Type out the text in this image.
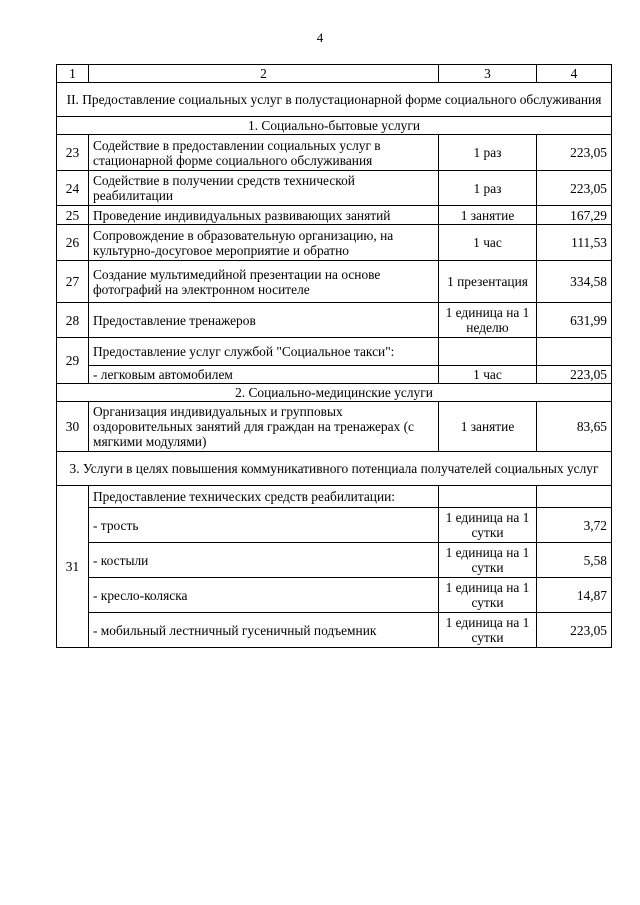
4
1	2	3	4
II. Предоставление социальных услуг в полустационарной форме социального обслуживания			
1. Социально-бытовые услуги			
23	Содействие в предоставлении социальных услуг в стационарной форме социального обслуживания	1 раз	223,05
24	Содействие в получении средств технической реабилитации	1 раз	223,05
25	Проведение индивидуальных развивающих занятий	1 занятие	167,29
26	Сопровождение в образовательную организацию, на культурно-досуговое мероприятие и обратно	1 час	111,53
27	Создание мультимедийной презентации на основе фотографий на электронном носителе	1 презентация	334,58
28	Предоставление тренажеров	1 единица на 1 неделю	631,99
29	Предоставление услуг службой "Социальное такси":		
	- легковым автомобилем	1 час	223,05
2. Социально-медицинские услуги			
30	Организация индивидуальных и групповых оздоровительных занятий для граждан на тренажерах (с мягкими модулями)	1 занятие	83,65
3. Услуги в целях повышения коммуникативного потенциала получателей социальных услуг			
31	Предоставление технических средств реабилитации:		
	- трость	1 единица на 1 сутки	3,72
	- костыли	1 единица на 1 сутки	5,58
	- кресло-коляска	1 единица на 1 сутки	14,87
	- мобильный лестничный гусеничный подъемник	1 единица на 1 сутки	223,05
